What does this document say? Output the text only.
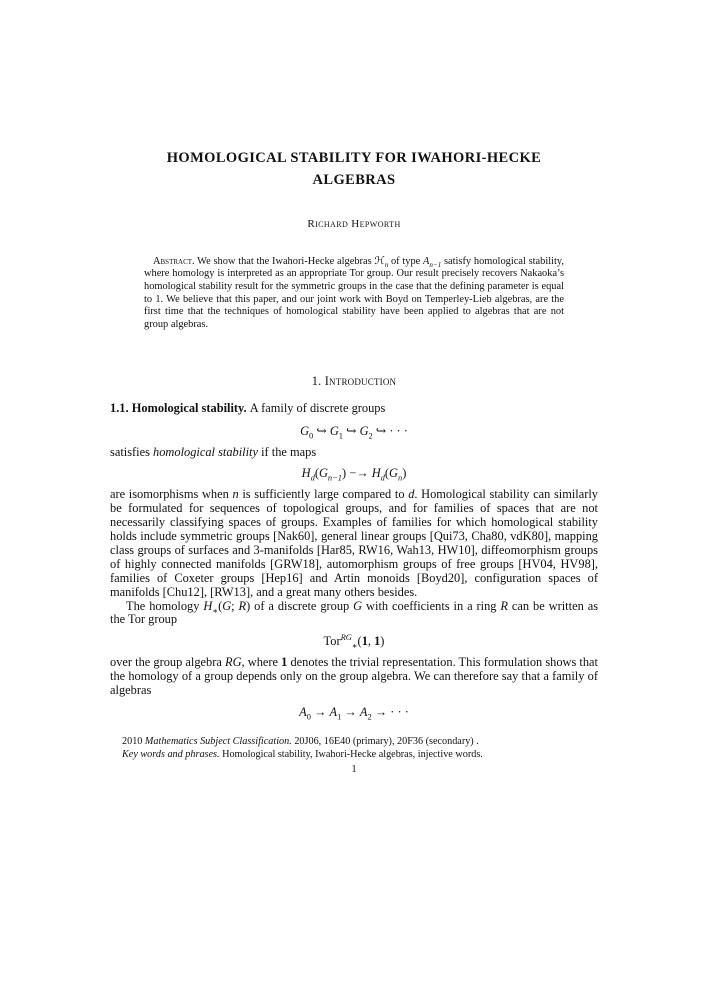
HOMOLOGICAL STABILITY FOR IWAHORI-HECKE ALGEBRAS
Richard Hepworth

Abstract. We show that the Iwahori-Hecke algebras ℋ$_n$ of type $A_{n-1}$ satisfy homological stability, where homology is interpreted as an appropriate Tor group. Our result precisely recovers Nakaoka’s homological stability result for the symmetric groups in the case that the defining parameter is equal to 1. We believe that this paper, and our joint work with Boyd on Temperley-Lieb algebras, are the first time that the techniques of homological stability have been applied to algebras that are not group algebras.

1. Introduction

1.1. Homological stability. A family of discrete groups

$G_0$ ↪ $G_1$ ↪ $G_2$ ↪ · · ·

satisfies homological stability if the maps

$H_d(G_{n-1}) -\to H_d(G_n)$

are isomorphisms when n is sufficiently large compared to d. Homological stability can similarly be formulated for sequences of topological groups, and for families of spaces that are not necessarily classifying spaces of groups. Examples of families for which homological stability holds include symmetric groups [Nak60], general linear groups [Qui73, Cha80, vdK80], mapping class groups of surfaces and 3-manifolds [Har85, RW16, Wah13, HW10], diffeomorphism groups of highly connected manifolds [GRW18], automorphism groups of free groups [HV04, HV98], families of Coxeter groups [Hep16] and Artin monoids [Boyd20], configuration spaces of manifolds [Chu12], [RW13], and a great many others besides.

The homology $H_∗(G$; R) of a discrete group G with coefficients in a ring R can be written as the Tor group

Tor$^{RG}_∗$(1, 1)

over the group algebra RG, where 1 denotes the trivial representation. This formulation shows that the homology of a group depends only on the group algebra. We can therefore say that a family of algebras

$A_0 \to A_1 \to A_2$ → · · ·

2010 Mathematics Subject Classification. 20J06, 16E40 (primary), 20F36 (secondary) .

Key words and phrases. Homological stability, Iwahori-Hecke algebras, injective words.

1
